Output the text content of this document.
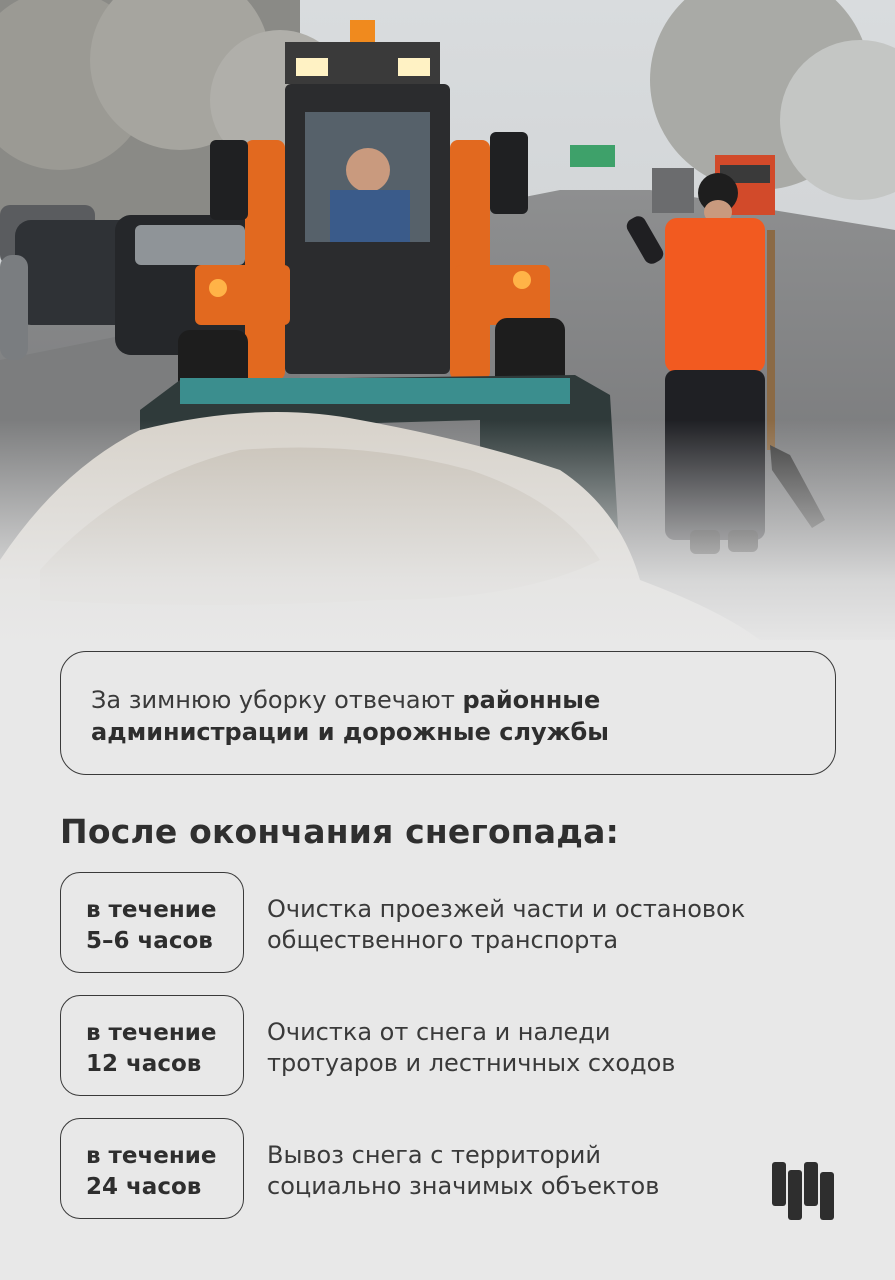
За зимнюю уборку отвечают районные
администрации и дорожные службы
После окончания снегопада:
в течение
5–6 часов
Очистка проезжей части и остановок
общественного транспорта
в течение
12 часов
Очистка от снега и наледи
тротуаров и лестничных сходов
в течение
24 часов
Вывоз снега с территорий
социально значимых объектов
